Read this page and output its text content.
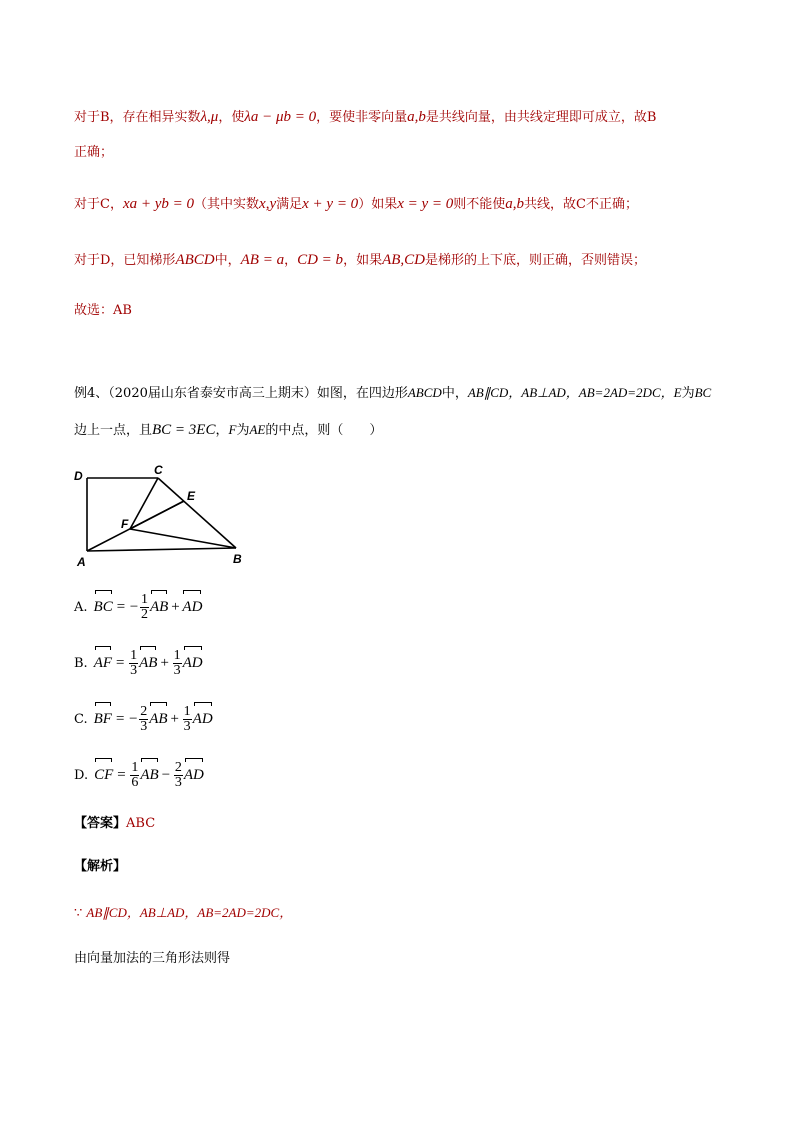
对于B，存在相异实数λ,μ，使λa − μb = 0，要使非零向量a,b是共线向量，由共线定理即可成立，故B
正确；
对于C，xa + yb = 0（其中实数x,y满足x + y = 0）如果x = y = 0则不能使a,b共线，故C不正确；
对于D，已知梯形ABCD中，AB = a，CD = b，如果AB,CD是梯形的上下底，则正确，否则错误；
故选：AB
例4、（2020届山东省泰安市高三上期末）如图，在四边形ABCD中，AB∥CD，AB⊥AD，AB=2AD=2DC，E为BC
边上一点，且BC = 3EC，F为AE的中点，则（　　）
D	C
E
F
A	B
A. BC = − $\frac{1}{2}$ AB + AD
B. AF = $\frac{1}{3}$ AB + $\frac{1}{3}$ AD
C. BF = − $\frac{2}{3}$ AB + $\frac{1}{3}$ AD
D. CF = $\frac{1}{6}$ AB − $\frac{2}{3}$ AD
【答案】ABC
【解析】
∵ AB∥CD，AB⊥AD，AB=2AD=2DC，
由向量加法的三角形法则得
